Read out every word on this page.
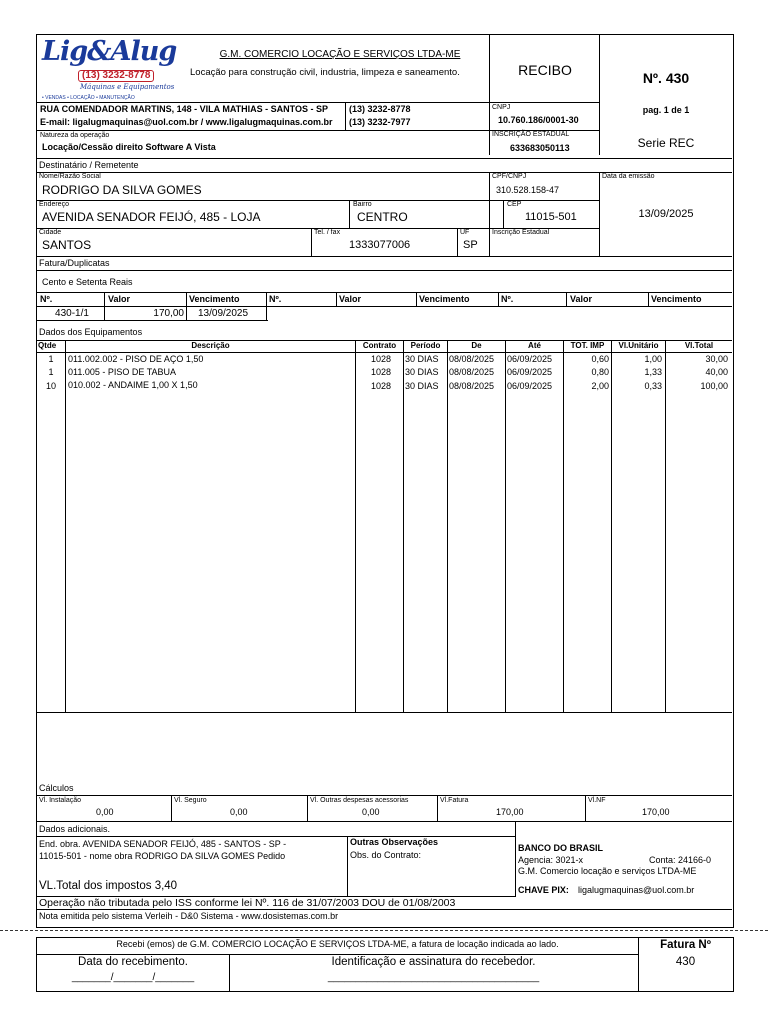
Lig&Alug
(13) 3232-8778
Máquinas e Equipamentos
• VENDAS • LOCAÇÃO • MANUTENÇÃO
G.M. COMERCIO LOCAÇÃO E SERVIÇOS LTDA-ME
Locação para construção civil, industria, limpeza e saneamento.	RECIBO	Nº. 430
pag. 1 de 1
RUA COMENDADOR MARTINS, 148 - VILA MATHIAS - SANTOS - SP
E-mail: ligalugmaquinas@uol.com.br / www.ligalugmaquinas.com.br
(13) 3232-8778
(13) 3232-7977
CNPJ
10.760.186/0001-30
INSCRIÇÃO ESTADUAL
633683050113	Serie REC
Natureza da operação
Locação/Cessão direito Software A Vista
Destinatário / Remetente
Nome/Razão Social
RODRIGO DA SILVA GOMES
CPF/CNPJ
310.528.158-47
Data da emissão
13/09/2025
Endereço
AVENIDA SENADOR FEIJÓ, 485 - LOJA
Bairro
CENTRO
CEP
11015-501
Cidade
SANTOS
Tel. / fax
1333077006
UF
SP
Inscrição Estadual
Fatura/Duplicatas
Cento e Setenta Reais
Nº.	Valor	Vencimento	Nº.	Valor	Vencimento	Nº.	Valor	Vencimento
430-1/1	170,00 13/09/2025
Dados dos Equipamentos
Qtde	Descrição	Contrato	Período	De	Até	TOT. IMP	Vl.Unitário	Vl.Total
1	011.002.002 - PISO DE AÇO 1,50	1028 30 DIAS 08/08/2025 06/09/2025	0,60	1,00	30,00
1	011.005 - PISO DE TABUA	1028 30 DIAS 08/08/2025 06/09/2025	0,80	1,33	40,00
10	010.002 - ANDAIME 1,00 X 1,50	1028 30 DIAS 08/08/2025 06/09/2025	2,00	0,33	100,00
Cálculos
Vl. Instalação
0,00
Vl. Seguro
0,00
Vl. Outras despesas acessorias
0,00
Vl.Fatura
170,00
Vl.NF
170,00
Dados adicionais.
End. obra. AVENIDA SENADOR FEIJÓ, 485 - SANTOS - SP -
11015-501 - nome obra RODRIGO DA SILVA GOMES Pedido
VL.Total dos impostos 3,40
Outras Observações
Obs. do Contrato:
BANCO DO BRASIL
Agencia: 3021-x	Conta: 24166-0
G.M. Comercio locação e serviços LTDA-ME
CHAVE PIX: ligalugmaquinas@uol.com.br
Operação não tributada pelo ISS conforme lei Nº. 116 de 31/07/2003 DOU de 01/08/2003
Nota emitida pelo sistema Verleih - D&0 Sistema - www.dosistemas.com.br
Recebi (emos) de G.M. COMERCIO LOCAÇÃO E SERVIÇOS LTDA-ME, a fatura de locação indicada ao lado.
Data do recebimento.
_______/_______/_______
Identificação e assinatura do recebedor.
______________________________________
Fatura Nº
430
